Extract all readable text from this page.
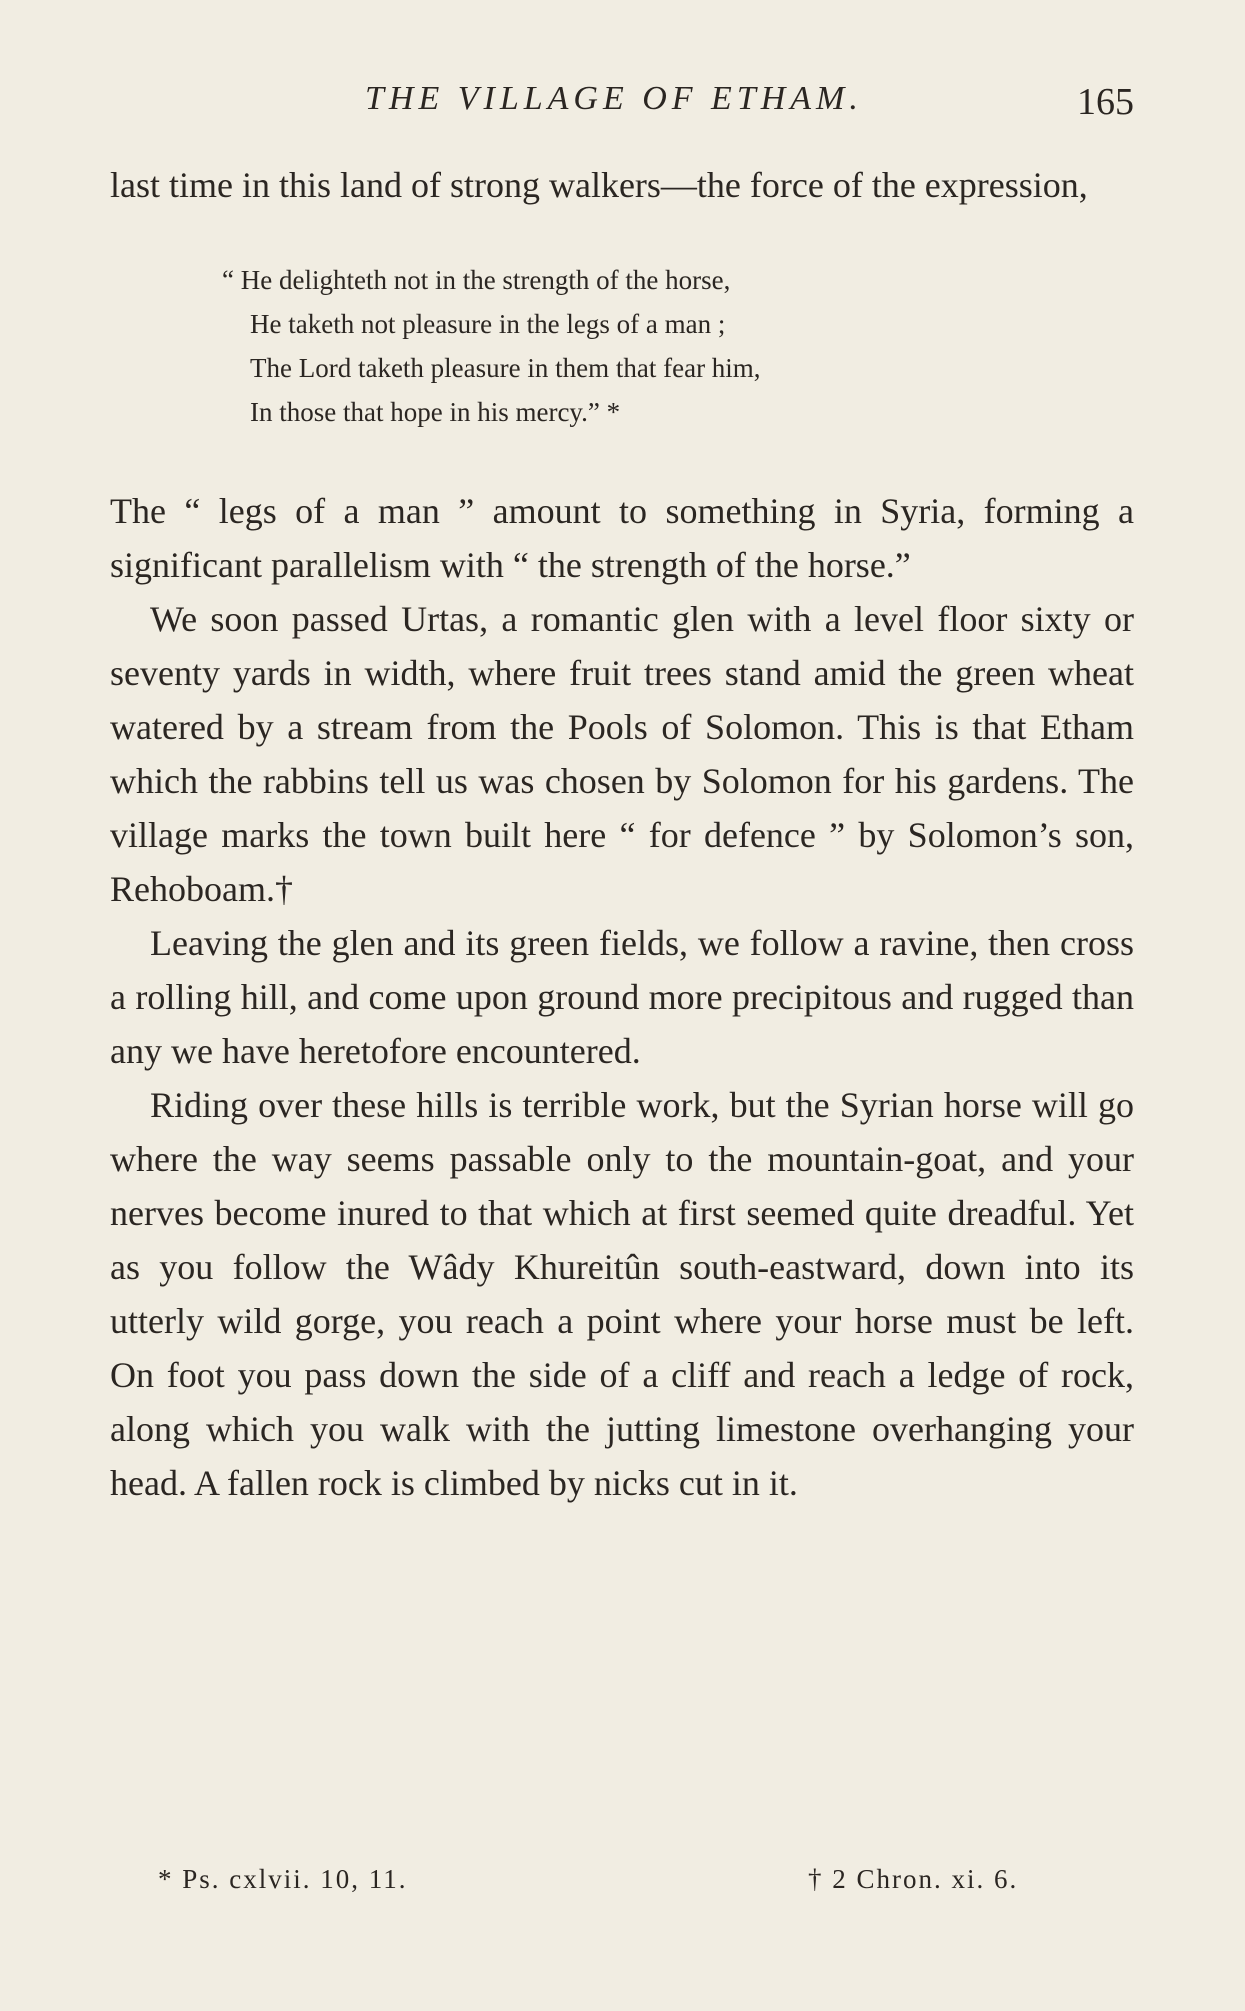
THE VILLAGE OF ETHAM.	165

last time in this land of strong walkers—the force of the expression,

“ He delighteth not in the strength of the horse,
He taketh not pleasure in the legs of a man ;
The Lord taketh pleasure in them that fear him,
In those that hope in his mercy.” *

The “ legs of a man ” amount to something in Syria, forming a significant parallelism with “ the strength of the horse.”

We soon passed Urtas, a romantic glen with a level floor sixty or seventy yards in width, where fruit trees stand amid the green wheat watered by a stream from the Pools of Solomon. This is that Etham which the rabbins tell us was chosen by Solomon for his gardens. The village marks the town built here “ for defence ” by Solomon’s son, Rehoboam.†

Leaving the glen and its green fields, we follow a ravine, then cross a rolling hill, and come upon ground more precipitous and rugged than any we have heretofore encountered.

Riding over these hills is terrible work, but the Syrian horse will go where the way seems passable only to the mountain-goat, and your nerves become inured to that which at first seemed quite dreadful. Yet as you follow the Wâdy Khureitûn south-eastward, down into its utterly wild gorge, you reach a point where your horse must be left. On foot you pass down the side of a cliff and reach a ledge of rock, along which you walk with the jutting limestone overhanging your head. A fallen rock is climbed by nicks cut in it.

* Ps. cxlvii. 10, 11.	† 2 Chron. xi. 6.
